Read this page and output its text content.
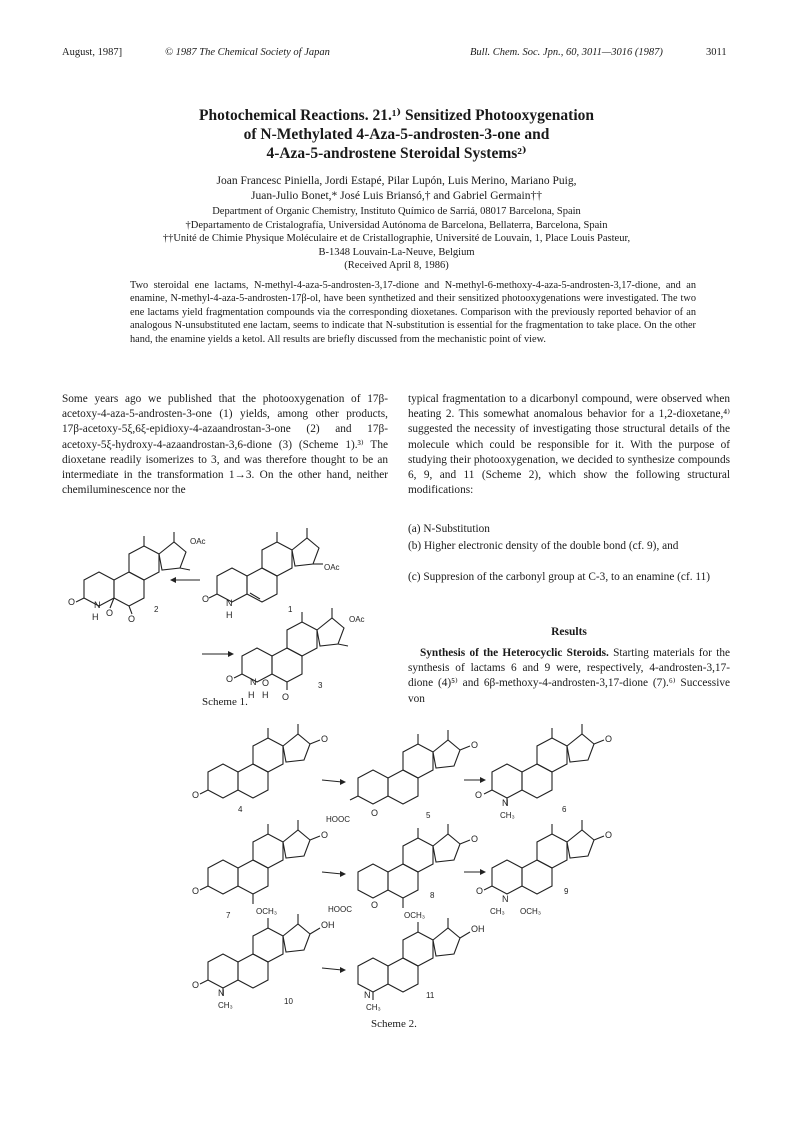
August, 1987]	© 1987 The Chemical Society of Japan	Bull. Chem. Soc. Jpn., 60, 3011—3016 (1987)	3011
Photochemical Reactions. 21.¹⁾ Sensitized Photooxygenation
of N-Methylated 4-Aza-5-androsten-3-one and
4-Aza-5-androstene Steroidal Systems²⁾
Joan Francesc Piniella, Jordi Estapé, Pilar Lupón, Luis Merino, Mariano Puig,
Juan-Julio Bonet,* José Luis Briansó,† and Gabriel Germain††
Department of Organic Chemistry, Instituto Químico de Sarriá, 08017 Barcelona, Spain
†Departamento de Cristalografía, Universidad Autónoma de Barcelona, Bellaterra, Barcelona, Spain
††Unité de Chimie Physique Moléculaire et de Cristallographie, Université de Louvain, 1, Place Louis Pasteur,
B-1348 Louvain-La-Neuve, Belgium
(Received April 8, 1986)
Two steroidal ene lactams, N-methyl-4-aza-5-androsten-3,17-dione and N-methyl-6-methoxy-4-aza-5-androsten-3,17-dione, and an enamine, N-methyl-4-aza-5-androsten-17β-ol, have been synthetized and their sensitized photooxygenations were investigated. The two ene lactams yield fragmentation compounds via the corresponding dioxetanes. Comparison with the previously reported behavior of an analogous N-unsubstituted ene lactam, seems to indicate that N-substitution is essential for the fragmentation to take place. On the other hand, the enamine yields a ketol. All results are briefly discussed from the mechanistic point of view.
Some years ago we published that the photooxygenation of 17β-acetoxy-4-aza-5-androsten-3-one (1) yields, among other products, 17β-acetoxy-5ξ,6ξ-epidioxy-4-azaandrostan-3-one (2) and 17β-acetoxy-5ξ-hydroxy-4-azaandrostan-3,6-dione (3) (Scheme 1).³⁾ The dioxetane readily isomerizes to 3, and was therefore thought to be an intermediate in the transformation 1→3. On the other hand, neither chemiluminescence nor the
typical fragmentation to a dicarbonyl compound, were observed when heating 2. This somewhat anomalous behavior for a 1,2-dioxetane,⁴⁾ suggested the necessity of investigating those structural details of the molecule which could be responsible for it. With the purpose of studying their photooxygenation, we decided to synthesize compounds 6, 9, and 11 (Scheme 2), which show the following structural modifications:
(a) N-Substitution
(b) Higher electronic density of the double bond (cf. 9), and
(c) Suppresion of the carbonyl group at C-3, to an enamine (cf. 11)
Results
Synthesis of the Heterocyclic Steroids. Starting materials for the synthesis of lactams 6 and 9 were, respectively, 4-androsten-3,17-dione (4)⁵⁾ and 6β-methoxy-4-androsten-3,17-dione (7).⁶⁾ Successive von
O N
H O
O
2
OAc
O N
H
1
OAc
O N
H
O
H O
3
OAc
Scheme 1.
O
O
4
HOOC
O
O
5
O
N
CH₃
O
6
O
O
OCH₃
7
HOOC O
O
OCH₃
8	O
N
CH₃ OCH₃
O
9
O
N
CH₃
OH
10
N
CH₃
OH
11
Scheme 2.
